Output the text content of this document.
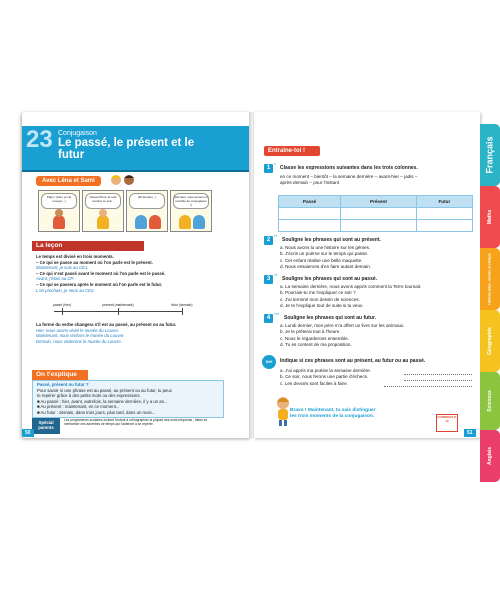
23 Conjugaison
Le passé, le présent et le futur
Avec Léna et Sami
Papy ! (Hier, je t'ai envoyé...)
(Aujourd'hui) Je suis content ce soir...
(Et demain...)	(Demain, nous aurons un contrôle de conjugaison !)
La leçon
Le temps est divisé en trois moments.
– Ce qui se passe au moment où l'on parle est le présent.
Maintenant, je suis au CE1.
– Ce qui s'est passé avant le moment où l'on parle est le passé.
Avant, j'étais au CP.
– Ce qui se passera après le moment où l'on parle est le futur.
L'an prochain, je serai au CE2.
passé (hier)	présent (maintenant)	futur (demain)
La forme du verbe changera s'il est au passé, au présent ou au futur.
Hier, nous avons visité le musée du Louvre.
Maintenant, nous visitons le musée du Louvre.
Demain, nous visiterons le musée du Louvre.
On t'explique
Passé, présent ou futur ?
Pour savoir si une phrase est au passé, au présent ou au futur, tu peux
te repérer grâce à des petits mots ou des expressions.
■ Au passé : hier, avant, autrefois, la semaine dernière, il y a un an...
■ Au présent : maintenant, en ce moment...
■ Au futur : demain, dans trois jours, plus tard, dans un mois...
Spécial parents
Les programmes scolaires incitent l'enfant à orthographier la plupart des mots fréquents ; faites lui mémoriser ces adverbes de temps qui l'aideront à se repérer.
50
Entraîne-toi !
1
*
Classe les expressions suivantes dans les trois colonnes.
en ce moment – bientôt – la semaine dernière – avant-hier – jadis –
après-demain – pour l'instant
Passé	Présent	Futur

2
**
Souligne les phrases qui sont au présent.
a. Nous avons lu une histoire sur les génies.
b. J'écris un poème sur le temps qui passe.
c. Cet enfant réalise une belle maquette.
d. Nous essaierons d'en faire autant demain.
3
**
Souligne les phrases qui sont au passé.
a. La semaine dernière, nous avons appris comment la Terre tournait.
b. Pourrais-tu me l'expliquer ce soir ?
c. J'ai terminé mon dessin de sciences.
d. Je te l'explique tout de suite si tu veux.
4
***
Souligne les phrases qui sont au futur.
a. Lundi dernier, mon père m'a offert un livre sur les animaux.
b. Je le prêterai tout à l'heure.
c. Nous le regarderons ensemble.
d. Tu es content de ma proposition.
Défi	Indique si ces phrases sont au présent, au futur ou au passé.
a. J'ai appris ma poésie la semaine dernière.
b. Ce soir, nous ferons une partie d'échecs.
c. Les devoirs sont faciles à faire.
Bravo ! Maintenant, tu sais distinguer
les trois moments de la conjugaison.	CORRIGÉS P. 12
51
Français
Maths
Histoire Éduc. morale et civique
Géographie
Sciences
Anglais
